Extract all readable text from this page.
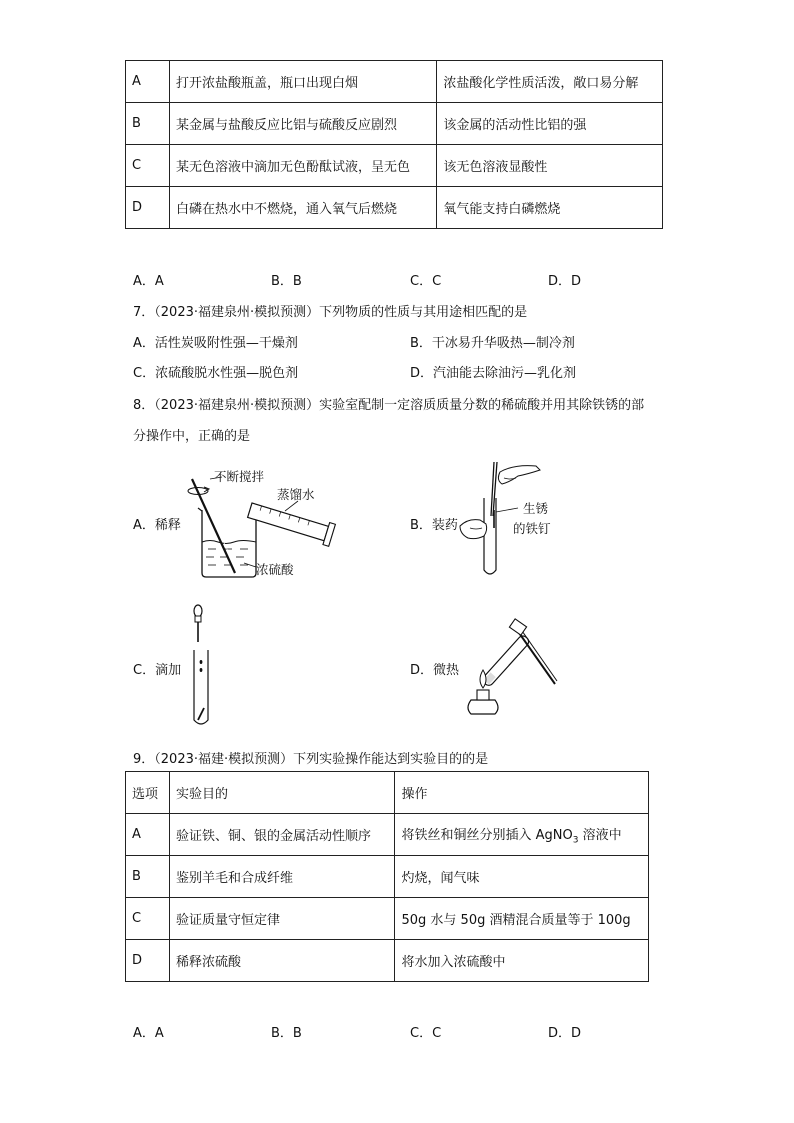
A	打开浓盐酸瓶盖，瓶口出现白烟	浓盐酸化学性质活泼，敞口易分解
B	某金属与盐酸反应比铝与硫酸反应剧烈	该金属的活动性比铝的强
C	某无色溶液中滴加无色酚酞试液，呈无色	该无色溶液显酸性
D	白磷在热水中不燃烧，通入氧气后燃烧	氧气能支持白磷燃烧
A．A	B．B	C．C	D．D
7．（2023·福建泉州·模拟预测）下列物质的性质与其用途相匹配的是
A．活性炭吸附性强—干燥剂	B．干冰易升华吸热—制冷剂
C．浓硫酸脱水性强—脱色剂	D．汽油能去除油污—乳化剂
8．（2023·福建泉州·模拟预测）实验室配制一定溶质质量分数的稀硫酸并用其除铁锈的部
分操作中，正确的是
A．稀释	B．装药
C．滴加	D．微热
不断搅拌
蒸馏水
浓硫酸
生锈
的铁钉
9．（2023·福建·模拟预测）下列实验操作能达到实验目的的是
选项	实验目的	操作
A	验证铁、铜、银的金属活动性顺序	将铁丝和铜丝分别插入 AgNO$_3$ 溶液中
B	鉴别羊毛和合成纤维	灼烧，闻气味
C	验证质量守恒定律	50g 水与 50g 酒精混合质量等于 100g
D	稀释浓硫酸	将水加入浓硫酸中
A．A	B．B	C．C	D．D
